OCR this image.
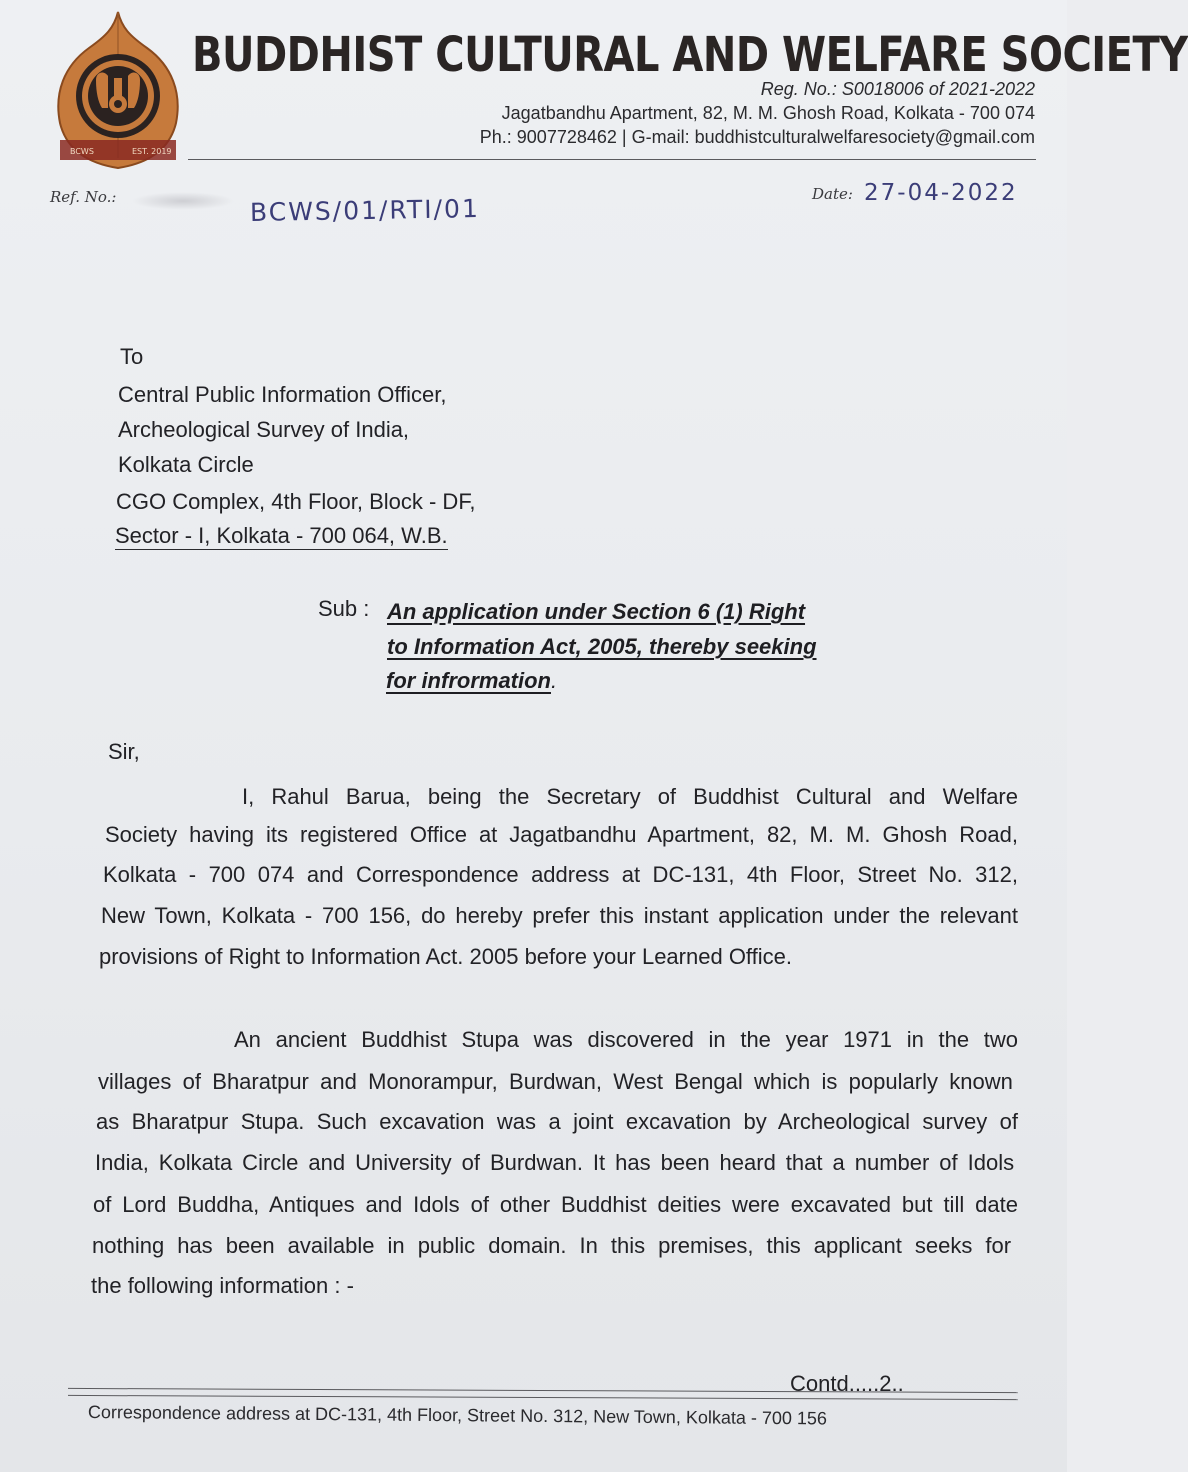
BCWS	EST. 2019
BUDDHIST CULTURAL AND WELFARE SOCIETY
Reg. No.: S0018006 of 2021-2022
Jagatbandhu Apartment, 82, M. M. Ghosh Road, Kolkata - 700 074
Ph.: 9007728462 | G-mail: buddhistculturalwelfaresociety@gmail.com
Ref. No.:	BCWS/01/RTI/01	Date: 27-04-2022
To
Central Public Information Officer,
Archeological Survey of India,
Kolkata Circle
CGO Complex, 4th Floor, Block - DF,
Sector - I, Kolkata - 700 064, W.B.
Sub : An application under Section 6 (1) Right
to Information Act, 2005, thereby seeking
for infrormation.
Sir,
I, Rahul Barua, being the Secretary of Buddhist Cultural and Welfare
Society having its registered Office at Jagatbandhu Apartment, 82, M. M. Ghosh Road,
Kolkata - 700 074 and Correspondence address at DC-131, 4th Floor, Street No. 312,
New Town, Kolkata - 700 156, do hereby prefer this instant application under the relevant
provisions of Right to Information Act. 2005 before your Learned Office.
An ancient Buddhist Stupa was discovered in the year 1971 in the two
villages of Bharatpur and Monorampur, Burdwan, West Bengal which is popularly known
as Bharatpur Stupa. Such excavation was a joint excavation by Archeological survey of
India, Kolkata Circle and University of Burdwan. It has been heard that a number of Idols
of Lord Buddha, Antiques and Idols of other Buddhist deities were excavated but till date
nothing has been available in public domain. In this premises, this applicant seeks for
the following information : -
Contd.....2..
Correspondence address at DC-131, 4th Floor, Street No. 312, New Town, Kolkata - 700 156
